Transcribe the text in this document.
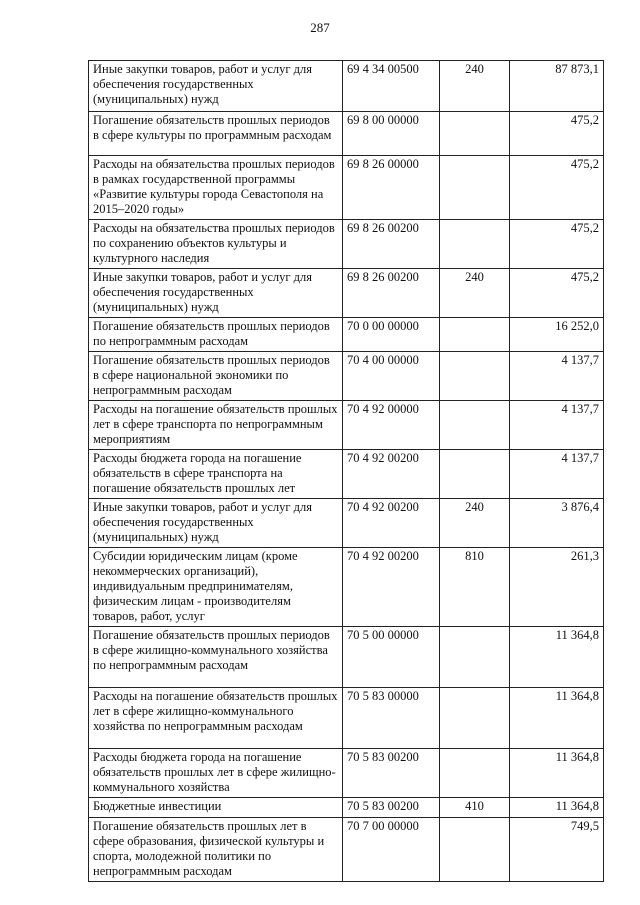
287
Иные закупки товаров, работ и услуг для обеспечения государственных (муниципальных) нужд	69 4 34 00500	240	87 873,1
Погашение обязательств прошлых периодов в сфере культуры по программным расходам	69 8 00 00000		475,2
Расходы на обязательства прошлых периодов в рамках государственной программы «Развитие культуры города Севастополя на 2015–2020 годы»	69 8 26 00000		475,2
Расходы на обязательства прошлых периодов по сохранению объектов культуры и культурного наследия	69 8 26 00200		475,2
Иные закупки товаров, работ и услуг для обеспечения государственных (муниципальных) нужд	69 8 26 00200	240	475,2
Погашение обязательств прошлых периодов по непрограммным расходам	70 0 00 00000		16 252,0
Погашение обязательств прошлых периодов в сфере национальной экономики по непрограммным расходам	70 4 00 00000		4 137,7
Расходы на погашение обязательств прошлых лет в сфере транспорта по непрограммным мероприятиям	70 4 92 00000		4 137,7
Расходы бюджета города на погашение обязательств в сфере транспорта на погашение обязательств прошлых лет	70 4 92 00200		4 137,7
Иные закупки товаров, работ и услуг для обеспечения государственных (муниципальных) нужд	70 4 92 00200	240	3 876,4
Субсидии юридическим лицам (кроме некоммерческих организаций), индивидуальным предпринимателям, физическим лицам - производителям товаров, работ, услуг	70 4 92 00200	810	261,3
Погашение обязательств прошлых периодов в сфере жилищно-коммунального хозяйства по непрограммным расходам	70 5 00 00000		11 364,8
Расходы на погашение обязательств прошлых лет в сфере жилищно-коммунального хозяйства по непрограммным расходам	70 5 83 00000		11 364,8
Расходы бюджета города на погашение обязательств прошлых лет в сфере жилищно-коммунального хозяйства	70 5 83 00200		11 364,8
Бюджетные инвестиции	70 5 83 00200	410	11 364,8
Погашение обязательств прошлых лет в сфере образования, физической культуры и спорта, молодежной политики по непрограммным расходам	70 7 00 00000		749,5
